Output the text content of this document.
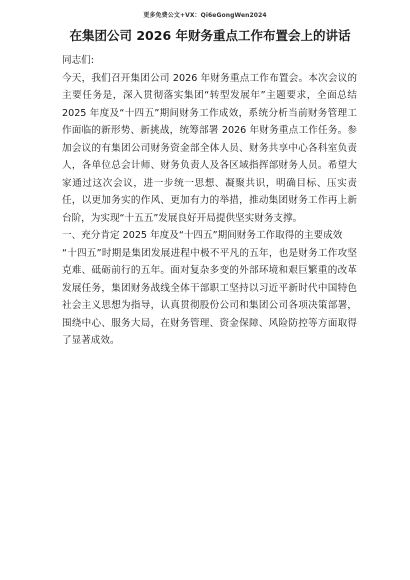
更多免费公文+VX：Qi6eGongWen2024
在集团公司 2026 年财务重点工作布置会上的讲话

同志们:

今天，我们召开集团公司 2026 年财务重点工作布置会。本次会议的主要任务是，深入贯彻落实集团“转型发展年”主题要求，全面总结 2025 年度及“十四五”期间财务工作成效，系统分析当前财务管理工作面临的新形势、新挑战，统筹部署 2026 年财务重点工作任务。参加会议的有集团公司财务资金部全体人员、财务共享中心各科室负责人，各单位总会计师、财务负责人及各区域指挥部财务人员。希望大家通过这次会议，进一步统一思想、凝聚共识，明确目标、压实责任，以更加务实的作风、更加有力的举措，推动集团财务工作再上新台阶，为实现“十五五”发展良好开局提供坚实财务支撑。

一、充分肯定 2025 年度及“十四五”期间财务工作取得的主要成效

“十四五”时期是集团发展进程中极不平凡的五年，也是财务工作攻坚克难、砥砺前行的五年。面对复杂多变的外部环境和艰巨繁重的改革发展任务，集团财务战线全体干部职工坚持以习近平新时代中国特色社会主义思想为指导，认真贯彻股份公司和集团公司各项决策部署，围绕中心、服务大局，在财务管理、资金保障、风险防控等方面取得了显著成效。
